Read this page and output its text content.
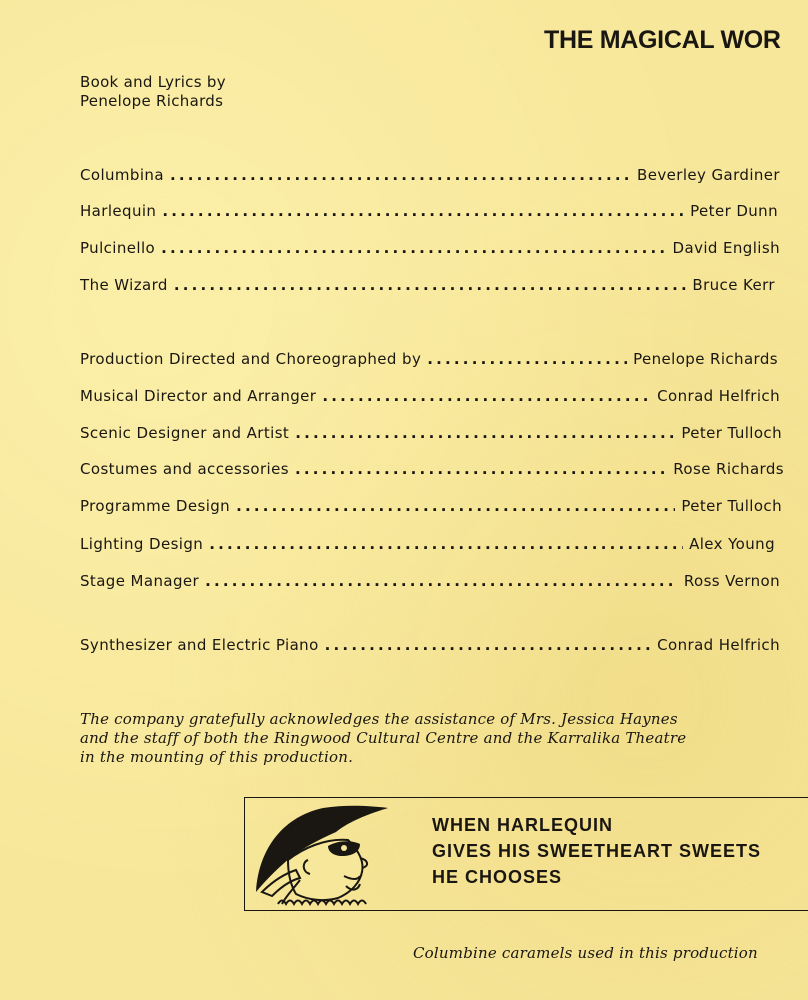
THE MAGICAL WOR
Book and Lyrics by
Penelope Richards
Columbina .....	Beverley Gardiner
Harlequin .....	Peter Dunn
Pulcinello .....	David English
The Wizard .....	Bruce Kerr
Production Directed and Choreographed by .....	Penelope Richards
Musical Director and Arranger .....	Conrad Helfrich
Scenic Designer and Artist .....	Peter Tulloch
Costumes and accessories .....	Rose Richards
Programme Design .....	Peter Tulloch
Lighting Design .....	Alex Young
Stage Manager .....	Ross Vernon
Synthesizer and Electric Piano .....	Conrad Helfrich
The company gratefully acknowledges the assistance of Mrs. Jessica Haynes
and the staff of both the Ringwood Cultural Centre and the Karralika Theatre
in the mounting of this production.
WHEN HARLEQUIN
GIVES HIS SWEETHEART SWEETS
HE CHOOSES
Columbine caramels used in this production
